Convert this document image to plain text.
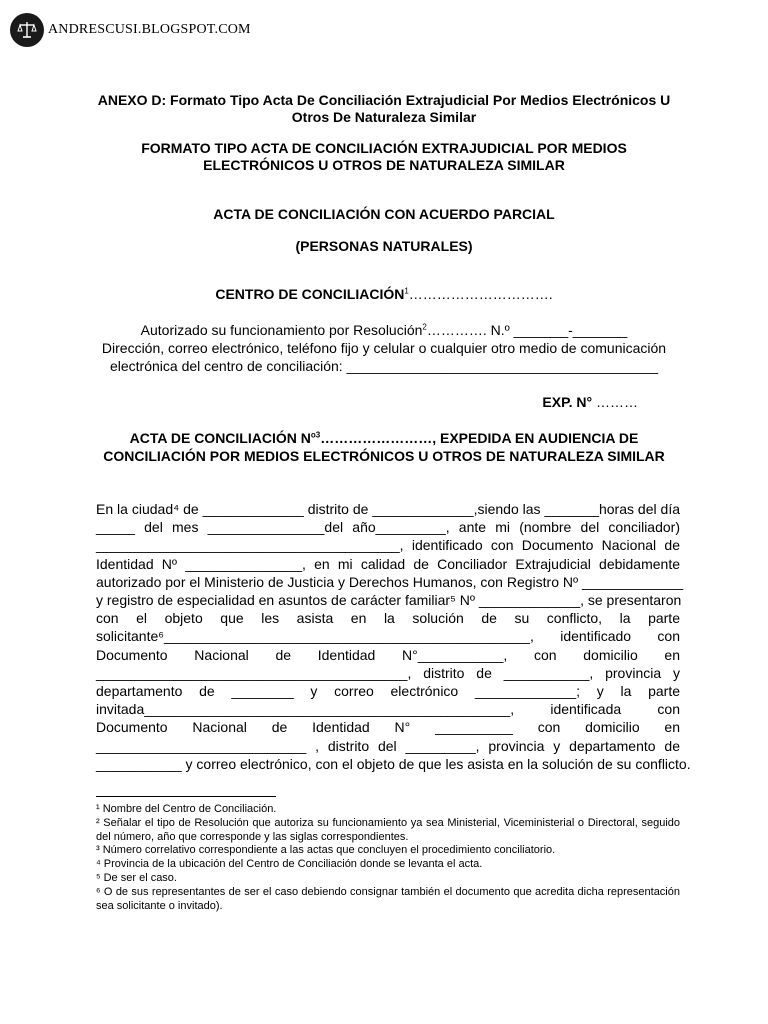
ANDRESCUSI.BLOGSPOT.COM
ANEXO D: Formato Tipo Acta De Conciliación Extrajudicial Por Medios Electrónicos U
Otros De Naturaleza Similar
FORMATO TIPO ACTA DE CONCILIACIÓN EXTRAJUDICIAL POR MEDIOS
ELECTRÓNICOS U OTROS DE NATURALEZA SIMILAR
ACTA DE CONCILIACIÓN CON ACUERDO PARCIAL
(PERSONAS NATURALES)
CENTRO DE CONCILIACIÓN$^1$………………………….
Autorizado su funcionamiento por Resolución$^2$…………. N.º _______-_______
Dirección, correo electrónico, teléfono fijo y celular o cualquier otro medio de comunicación
electrónica del centro de conciliación: ________________________________________
EXP. N° ………
ACTA DE CONCILIACIÓN $N^{o3}\dots\dots\dots\dots\dots\dots\dots\dots$, EXPEDIDA EN AUDIENCIA DE
CONCILIACIÓN POR MEDIOS ELECTRÓNICOS U OTROS DE NATURALEZA SIMILAR
En la ciudad⁴ de _____________ distrito de _____________,siendo las _______horas del día
_____ del mes _______________del año_________, ante mi (nombre del conciliador)
_______________________________________, identificado con Documento Nacional de
Identidad Nº _______________, en mi calidad de Conciliador Extrajudicial debidamente
autorizado por el Ministerio de Justicia y Derechos Humanos, con Registro Nº _____________
y registro de especialidad en asuntos de carácter familiar⁵ Nº _____________, se presentaron
con el objeto que les asista en la solución de su conflicto, la parte
solicitante⁶_______________________________________________, identificado con
Documento Nacional de Identidad N°___________, con domicilio en
________________________________________, distrito de ___________, provincia y
departamento de ________ y correo electrónico _____________; y la parte
invitada_______________________________________________, identificada con
Documento Nacional de Identidad N° __________ con domicilio en
___________________________ , distrito del _________, provincia y departamento de
___________ y correo electrónico, con el objeto de que les asista en la solución de su conflicto.
¹ Nombre del Centro de Conciliación.
² Señalar el tipo de Resolución que autoriza su funcionamiento ya sea Ministerial, Viceministerial o Directoral, seguido del número, año que corresponde y las siglas correspondientes.
³ Número correlativo correspondiente a las actas que concluyen el procedimiento conciliatorio.
⁴ Provincia de la ubicación del Centro de Conciliación donde se levanta el acta.
⁵ De ser el caso.
⁶ O de sus representantes de ser el caso debiendo consignar también el documento que acredita dicha representación sea solicitante o invitado).
